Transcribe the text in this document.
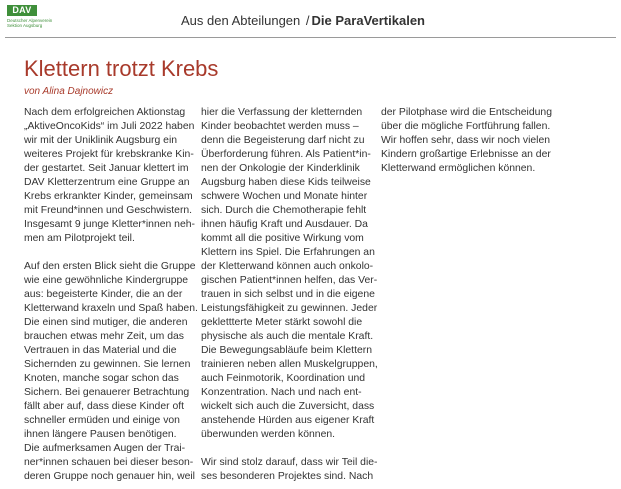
DAV
Deutscher Alpenverein
Sektion Augsburg	Aus den Abteilungen / Die ParaVertikalen
Klettern trotzt Krebs
von Alina Dajnowicz
Nach dem erfolgreichen Aktionstag
„AktiveOncoKids“ im Juli 2022 haben
wir mit der Uniklinik Augsburg ein
weiteres Projekt für krebskranke Kin-
der gestartet. Seit Januar klettert im
DAV Kletterzentrum eine Gruppe an
Krebs erkrankter Kinder, gemeinsam
mit Freund*innen und Geschwistern.
Insgesamt 9 junge Kletter*innen neh-
men am Pilotprojekt teil.
Auf den ersten Blick sieht die Gruppe
wie eine gewöhnliche Kindergruppe
aus: begeisterte Kinder, die an der
Kletterwand kraxeln und Spaß haben.
Die einen sind mutiger, die anderen
brauchen etwas mehr Zeit, um das
Vertrauen in das Material und die
Sichernden zu gewinnen. Sie lernen
Knoten, manche sogar schon das
Sichern. Bei genauerer Betrachtung
fällt aber auf, dass diese Kinder oft
schneller ermüden und einige von
ihnen längere Pausen benötigen.
Die aufmerksamen Augen der Trai-
ner*innen schauen bei dieser beson-
deren Gruppe noch genauer hin, weil
hier die Verfassung der kletternden
Kinder beobachtet werden muss –
denn die Begeisterung darf nicht zu
Überforderung führen. Als Patient*in-
nen der Onkologie der Kinderklinik
Augsburg haben diese Kids teilweise
schwere Wochen und Monate hinter
sich. Durch die Chemotherapie fehlt
ihnen häufig Kraft und Ausdauer. Da
kommt all die positive Wirkung vom
Klettern ins Spiel. Die Erfahrungen an
der Kletterwand können auch onkolo-
gischen Patient*innen helfen, das Ver-
trauen in sich selbst und in die eigene
Leistungsfähigkeit zu gewinnen. Jeder
geklettterte Meter stärkt sowohl die
physische als auch die mentale Kraft.
Die Bewegungsabläufe beim Klettern
trainieren neben allen Muskelgruppen,
auch Feinmotorik, Koordination und
Konzentration. Nach und nach ent-
wickelt sich auch die Zuversicht, dass
anstehende Hürden aus eigener Kraft
überwunden werden können.
Wir sind stolz darauf, dass wir Teil die-
ses besonderen Projektes sind. Nach
der Pilotphase wird die Entscheidung
über die mögliche Fortführung fallen.
Wir hoffen sehr, dass wir noch vielen
Kindern großartige Erlebnisse an der
Kletterwand ermöglichen können.
